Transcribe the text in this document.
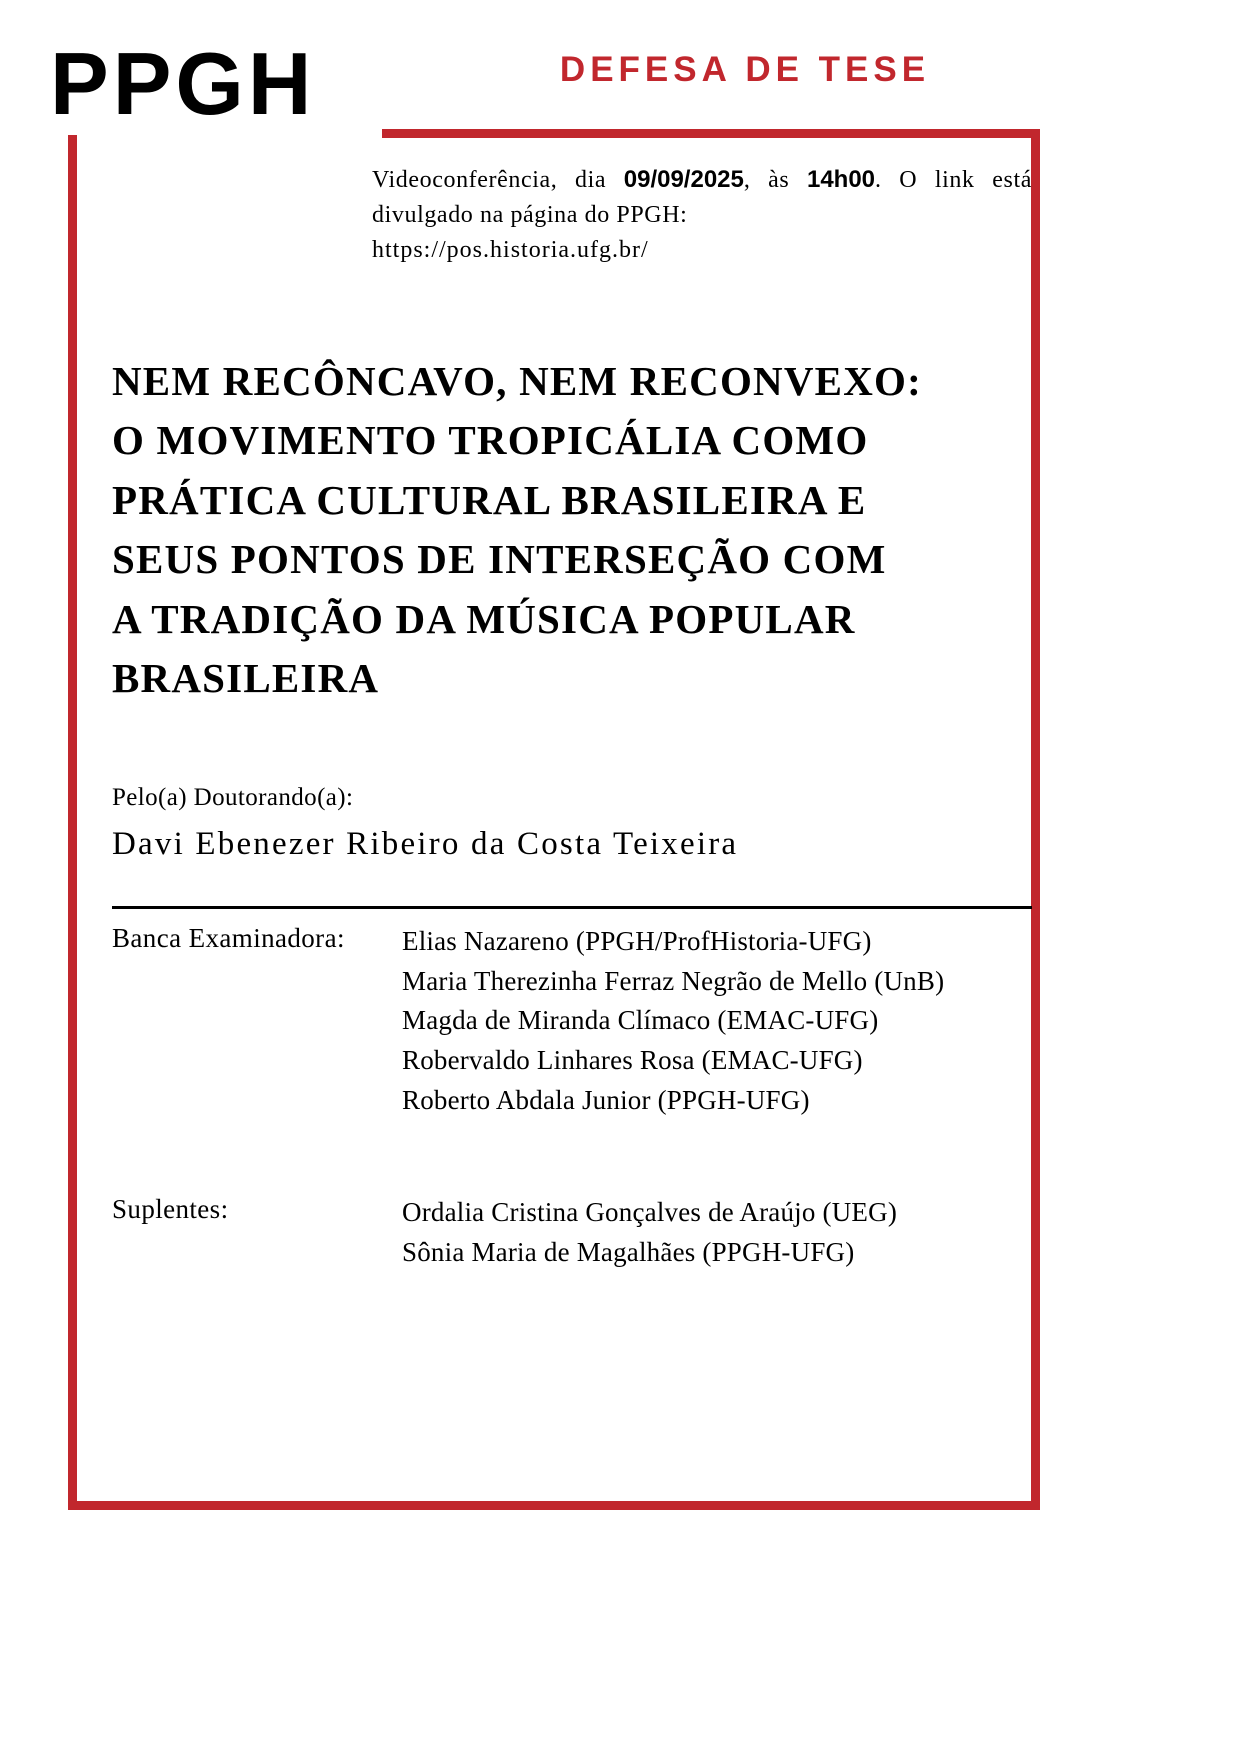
PPGH	DEFESA DE TESE
Videoconferência, dia 09/09/2025, às 14h00. O link está divulgado na página do PPGH:
https://pos.historia.ufg.br/
NEM RECÔNCAVO, NEM RECONVEXO:
O MOVIMENTO TROPICÁLIA COMO
PRÁTICA CULTURAL BRASILEIRA E
SEUS PONTOS DE INTERSEÇÃO COM
A TRADIÇÃO DA MÚSICA POPULAR
BRASILEIRA
Pelo(a) Doutorando(a):
Davi Ebenezer Ribeiro da Costa Teixeira
Banca Examinadora:	Elias Nazareno (PPGH/ProfHistoria-UFG)
Maria Therezinha Ferraz Negrão de Mello (UnB)
Magda de Miranda Clímaco (EMAC-UFG)
Robervaldo Linhares Rosa (EMAC-UFG)
Roberto Abdala Junior (PPGH-UFG)
Suplentes:	Ordalia Cristina Gonçalves de Araújo (UEG)
Sônia Maria de Magalhães (PPGH-UFG)
